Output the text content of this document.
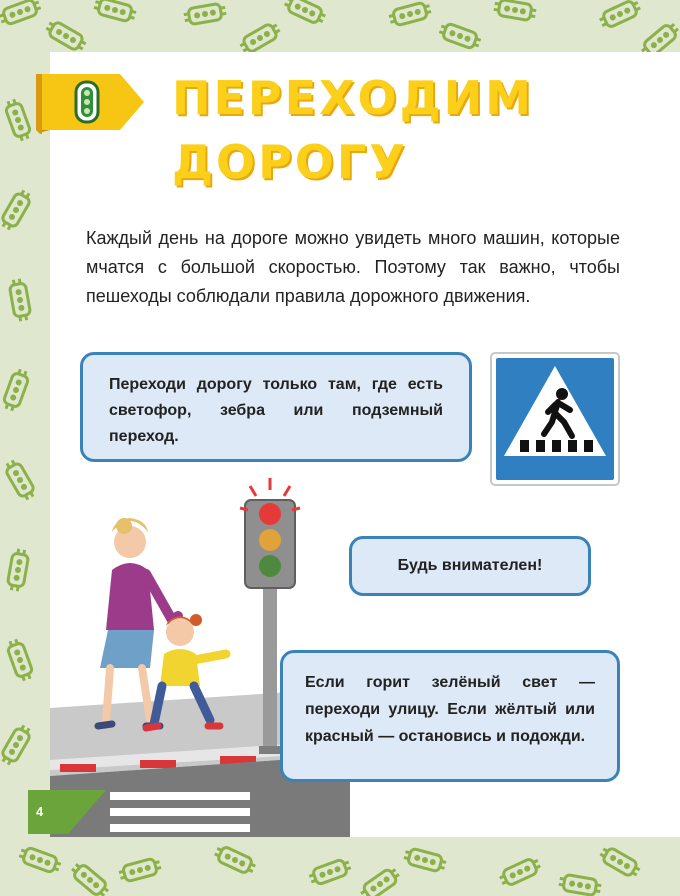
ПЕРЕХОДИМ
ДОРОГУ

Каждый день на дороге можно увидеть много машин, которые мчатся с большой скоростью. Поэтому так важно, чтобы пешеходы соблюдали правила дорожного движения.

Переходи дорогу только там, где есть светофор, зебра или подземный переход.
Будь внимателен!
Если горит зелёный свет — переходи улицу. Если жёлтый или красный — остановись и подожди.
4
